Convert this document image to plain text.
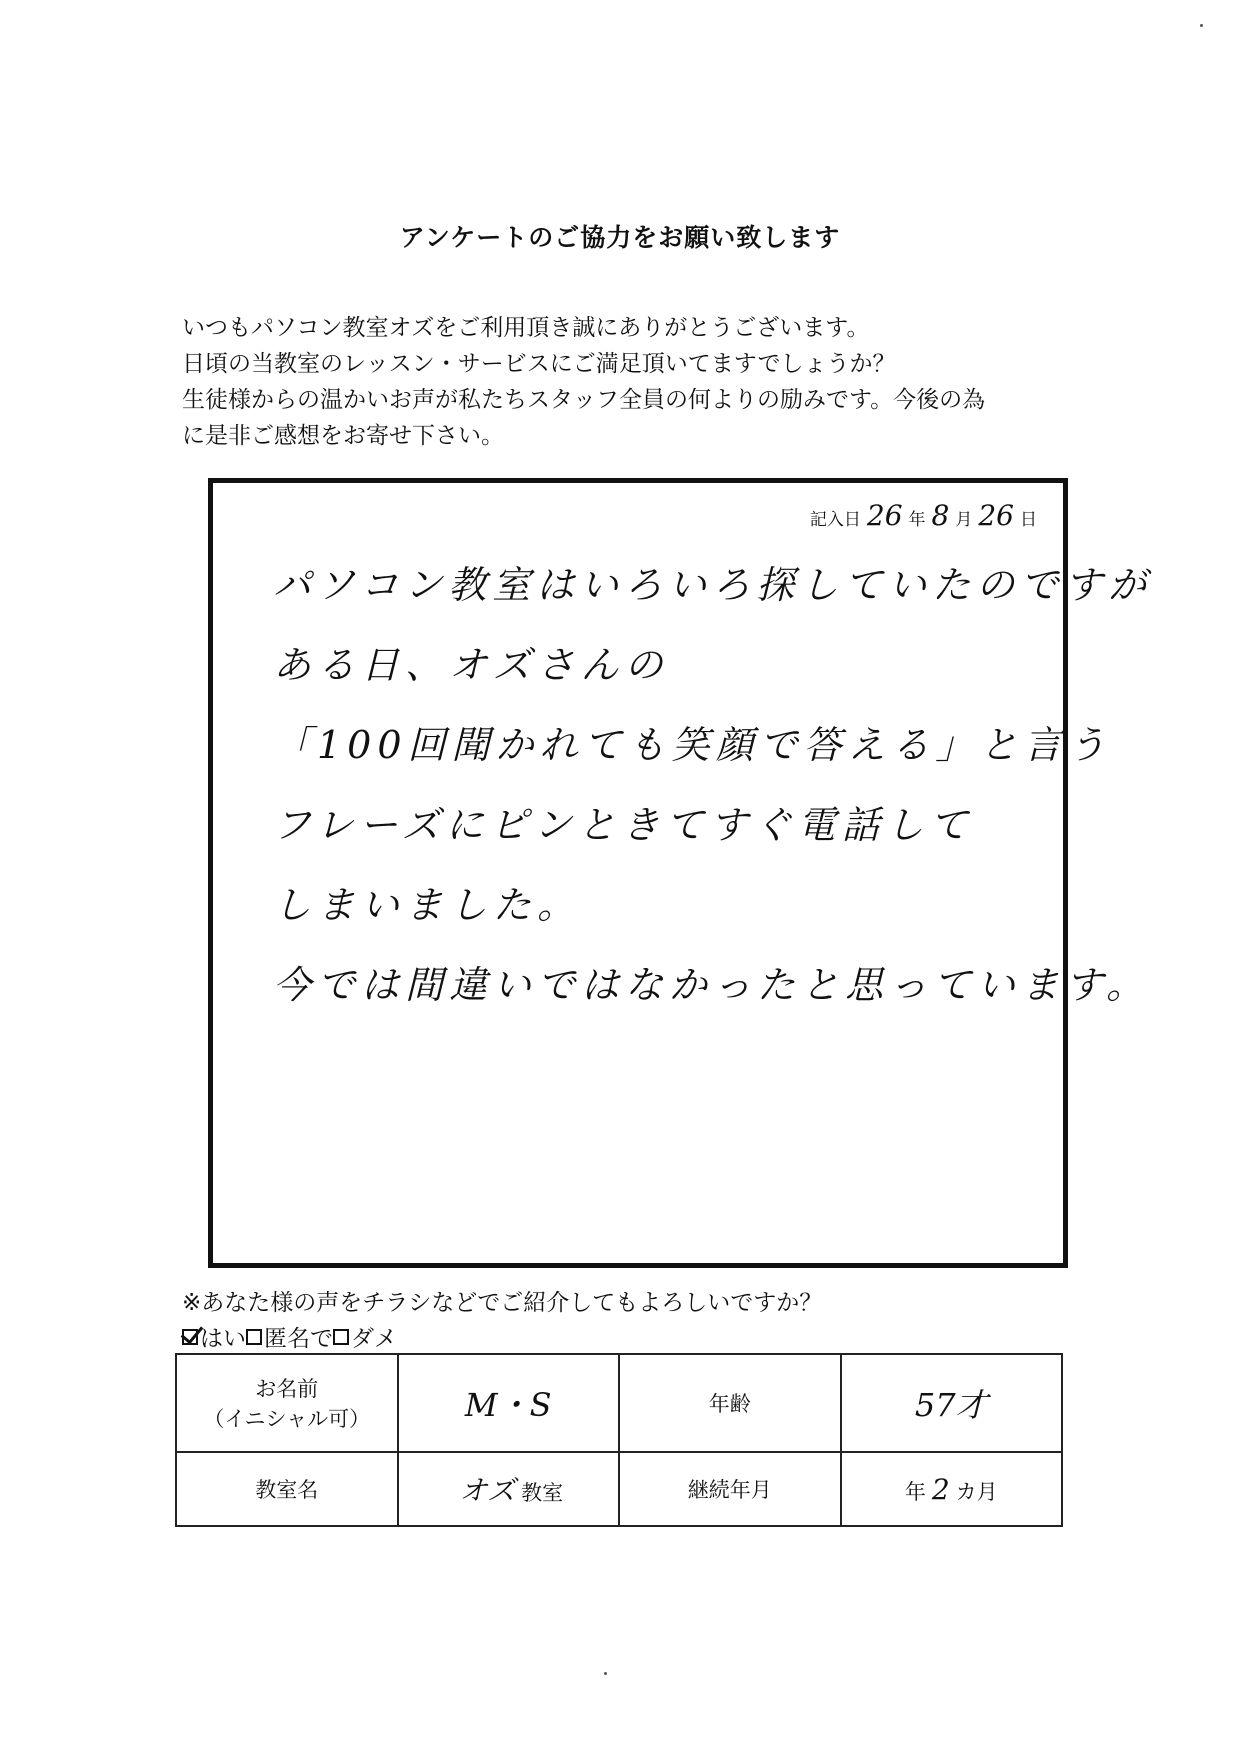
アンケートのご協力をお願い致します
いつもパソコン教室オズをご利用頂き誠にありがとうございます。
日頃の当教室のレッスン・サービスにご満足頂いてますでしょうか？
生徒様からの温かいお声が私たちスタッフ全員の何よりの励みです。今後の為
に是非ご感想をお寄せ下さい。
記入日 26 年 8 月 26 日
パソコン教室はいろいろ探していたのですが
ある日、オズさんの
「100回聞かれても笑顔で答える」と言う
フレーズにピンときてすぐ電話して
しまいました。
今では間違いではなかったと思っています。
※あなた様の声をチラシなどでご紹介してもよろしいですか？
はい 匿名で ダメ
お名前
（イニシャル可）	M・S	年齢	57才
教室名	オズ 教室	継続年月	年 2 カ月
